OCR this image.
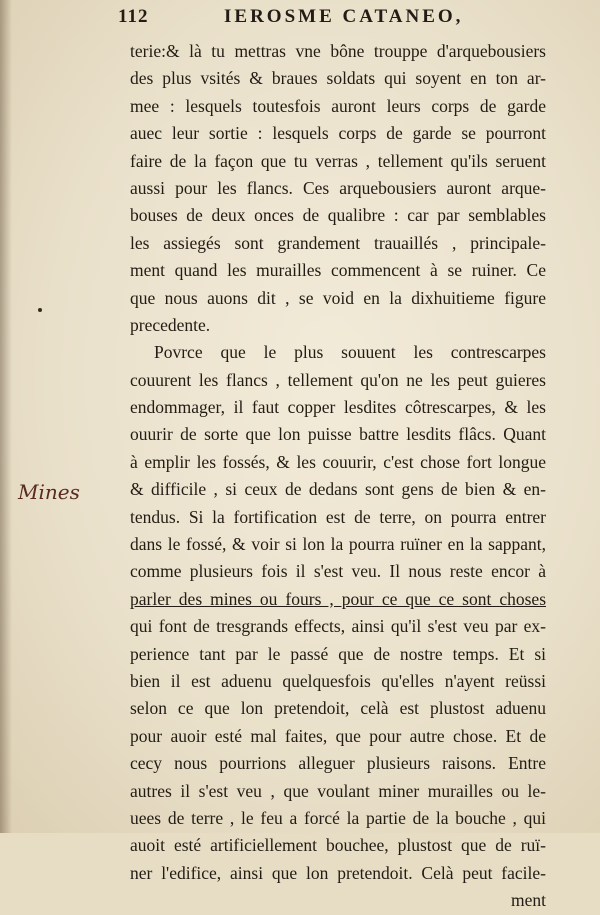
112	IEROSME CATANEO,
Mines
terie:& là tu mettras vne bône trouppe d'arquebousiers
des plus vsités & braues soldats qui soyent en ton ar-
mee : lesquels toutesfois auront leurs corps de garde
auec leur sortie : lesquels corps de garde se pourront
faire de la façon que tu verras , tellement qu'ils seruent
aussi pour les flancs. Ces arquebousiers auront arque-
bouses de deux onces de qualibre : car par semblables
les assiegés sont grandement trauaillés , principale-
ment quand les murailles commencent à se ruiner. Ce
que nous auons dit , se void en la dixhuitieme figure
precedente.
Povrce que le plus souuent les contrescarpes
couurent les flancs , tellement qu'on ne les peut guieres
endommager, il faut copper lesdites côtrescarpes, & les
ouurir de sorte que lon puisse battre lesdits flâcs. Quant
à emplir les fossés, & les couurir, c'est chose fort longue
& difficile , si ceux de dedans sont gens de bien & en-
tendus. Si la fortification est de terre, on pourra entrer
dans le fossé, & voir si lon la pourra ruïner en la sappant,
comme plusieurs fois il s'est veu. Il nous reste encor à
parler des mines ou fours , pour ce que ce sont choses
qui font de tresgrands effects, ainsi qu'il s'est veu par ex-
perience tant par le passé que de nostre temps. Et si
bien il est aduenu quelquesfois qu'elles n'ayent reüssi
selon ce que lon pretendoit, celà est plustost aduenu
pour auoir esté mal faites, que pour autre chose. Et de
cecy nous pourrions alleguer plusieurs raisons. Entre
autres il s'est veu , que voulant miner murailles ou le-
uees de terre , le feu a forcé la partie de la bouche , qui
auoit esté artificiellement bouchee, plustost que de ruï-
ner l'edifice, ainsi que lon pretendoit. Celà peut facile-
ment
